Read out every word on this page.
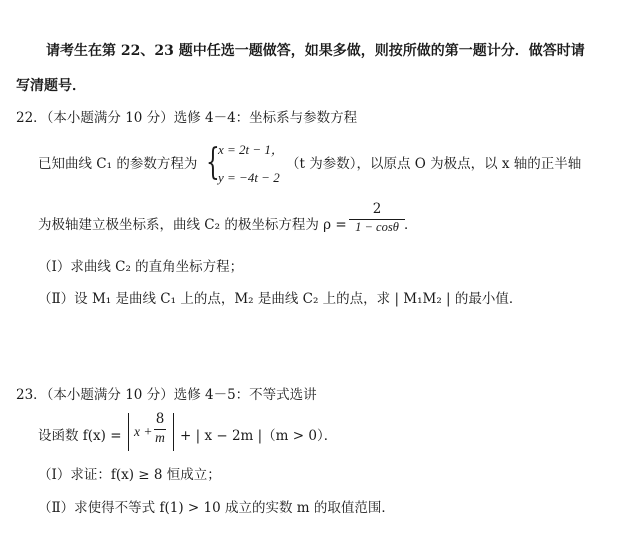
请考生在第 22、23 题中任选一题做答，如果多做，则按所做的第一题计分．做答时请
写清题号．
22．（本小题满分 10 分）选修 4－4：坐标系与参数方程
已知曲线 C₁ 的参数方程为 {
x = 2t − 1，
y = −4t − 2
（t 为参数），以原点 O 为极点，以 x 轴的正半轴
为极轴建立极坐标系，曲线 C₂ 的极坐标方程为 ρ =
2
1 − cosθ ．
（Ⅰ）求曲线 C₂ 的直角坐标方程；
（Ⅱ）设 M₁ 是曲线 C₁ 上的点，M₂ 是曲线 C₂ 上的点，求 | M₁M₂ | 的最小值．
23．（本小题满分 10 分）选修 4－5：不等式选讲
设函数 f(x) = x +
8
m + | x − 2m |（m > 0）．
（Ⅰ）求证：f(x) ≥ 8 恒成立；
（Ⅱ）求使得不等式 f(1) > 10 成立的实数 m 的取值范围．
